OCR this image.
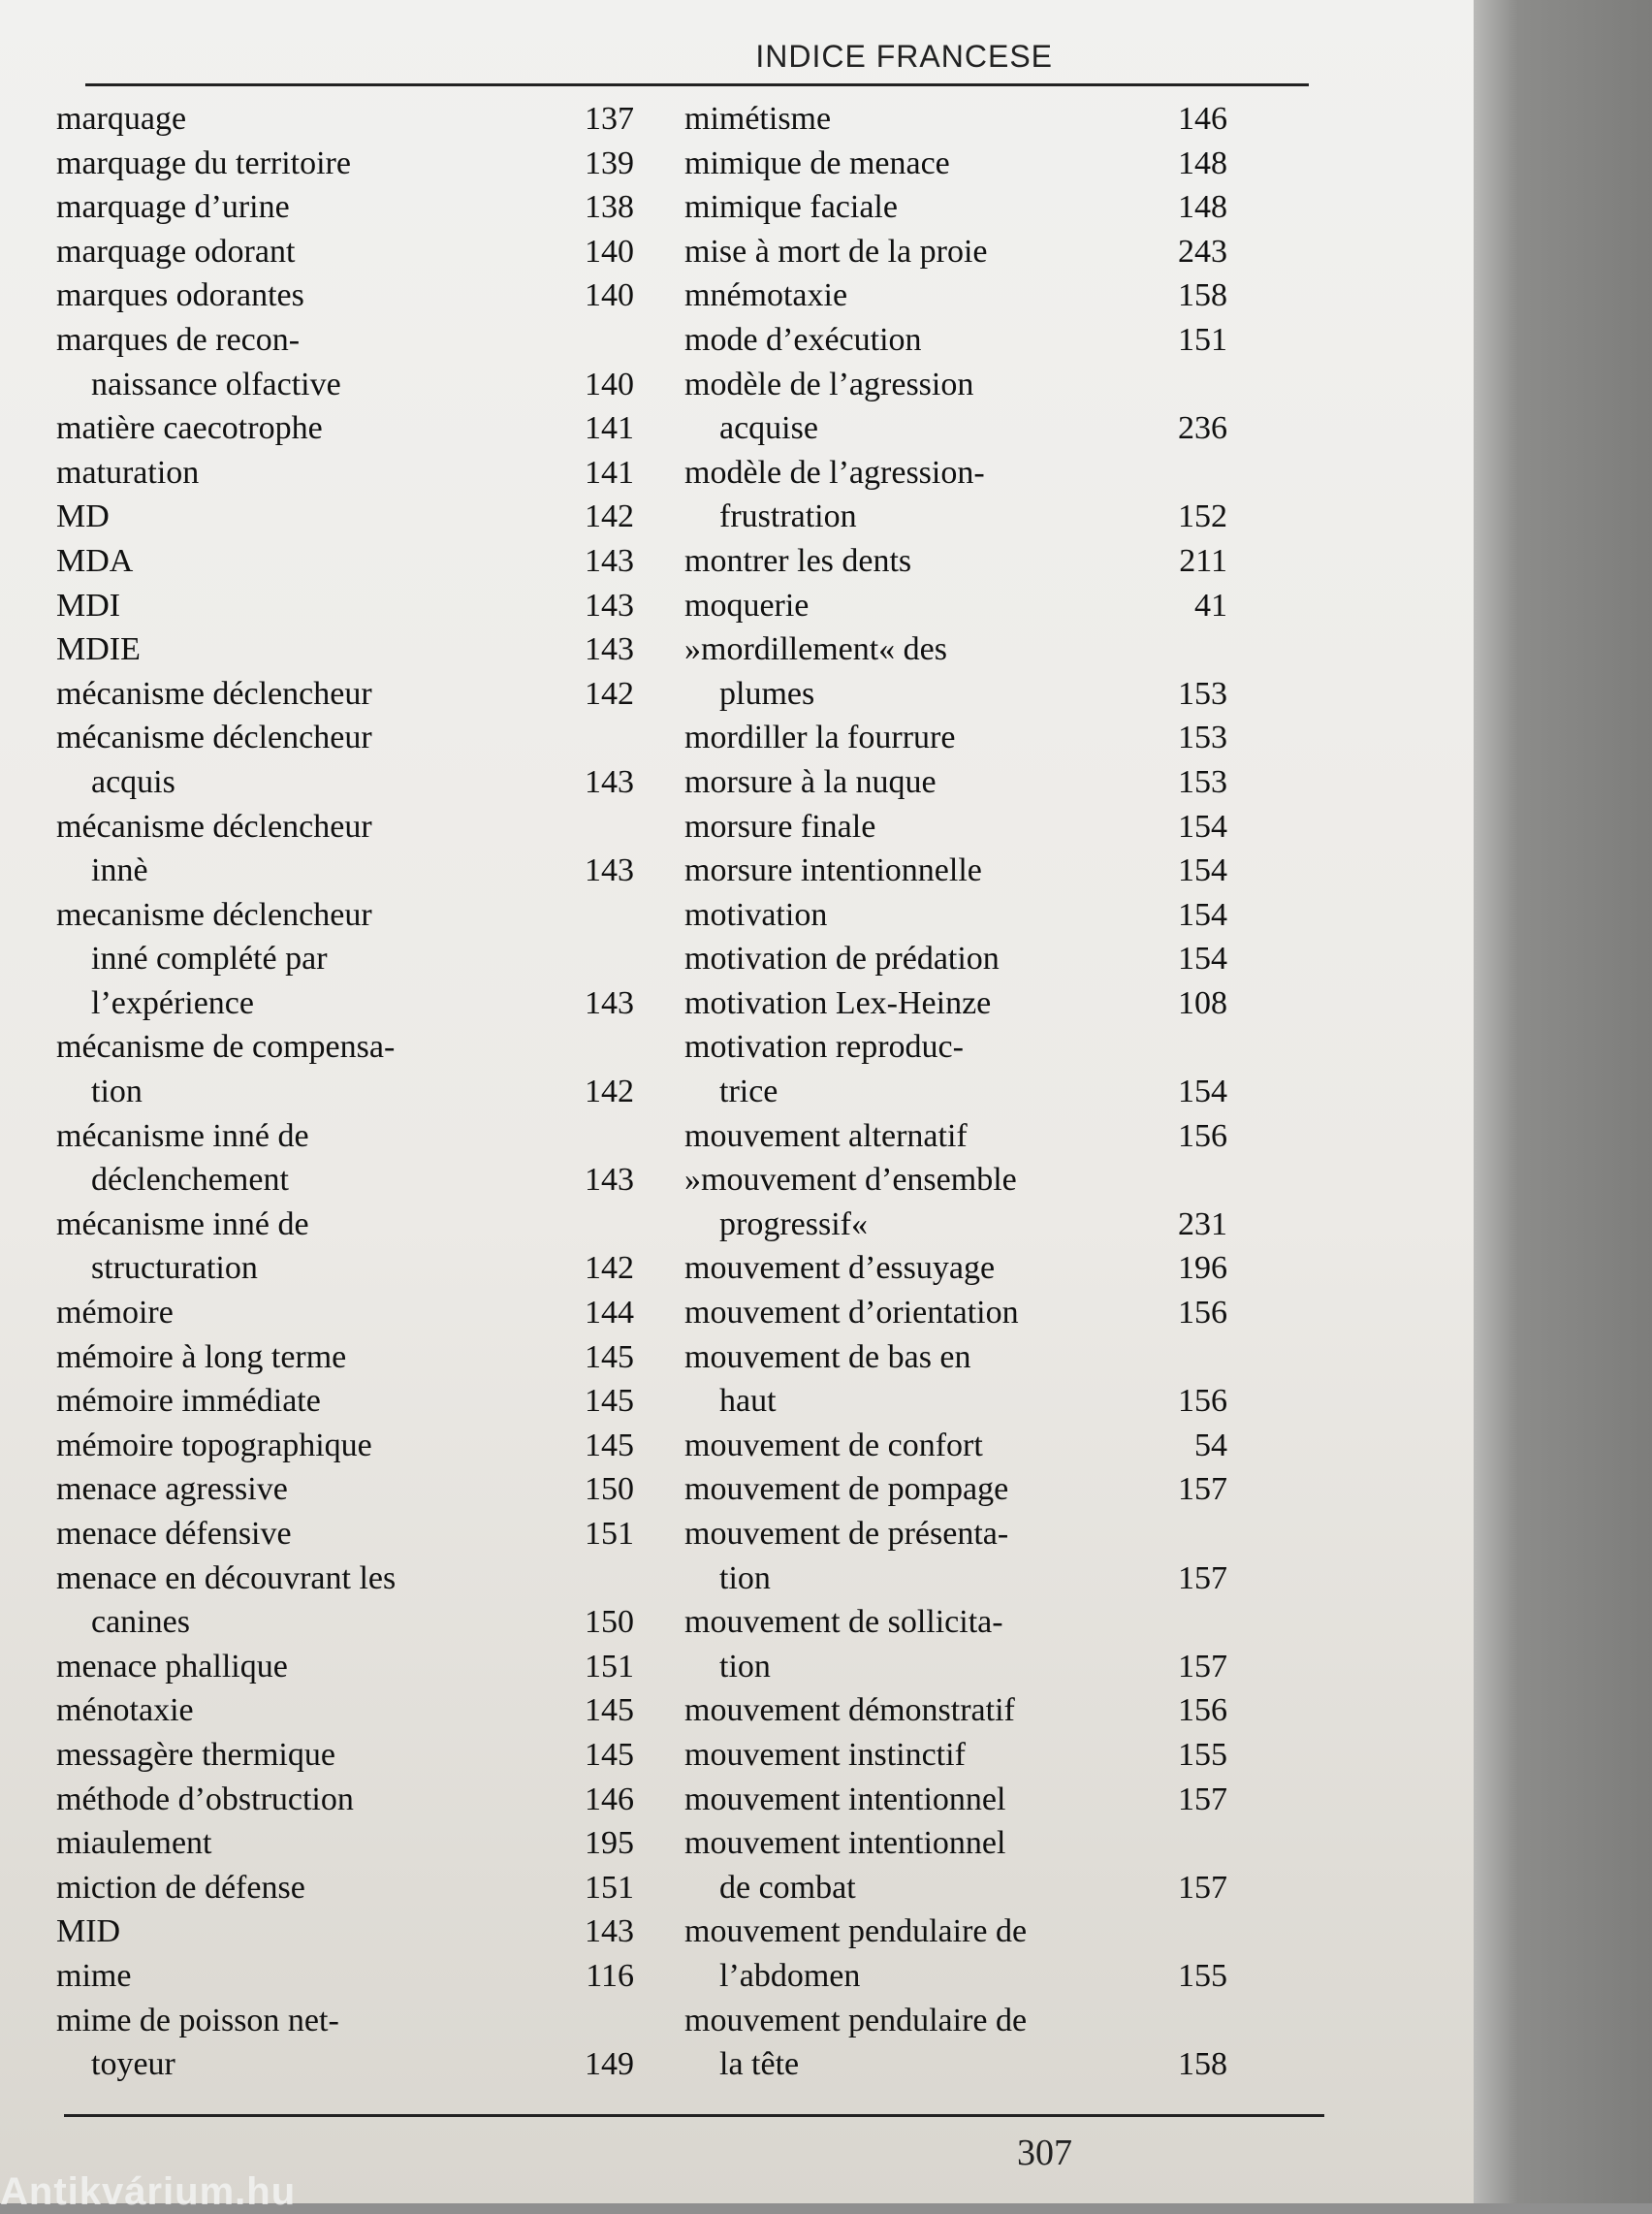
INDICE FRANCESE
marquage	137
marquage du territoire	139
marquage d’urine	138
marquage odorant	140
marques odorantes	140
marques de recon-
naissance olfactive	140
matière caecotrophe	141
maturation	141
MD	142
MDA	143
MDI	143
MDIE	143
mécanisme déclencheur	142
mécanisme déclencheur
acquis	143
mécanisme déclencheur
innè	143
mecanisme déclencheur
inné complété par
l’expérience	143
mécanisme de compensa-
tion	142
mécanisme inné de
déclenchement	143
mécanisme inné de
structuration	142
mémoire	144
mémoire à long terme	145
mémoire immédiate	145
mémoire topographique	145
menace agressive	150
menace défensive	151
menace en découvrant les
canines	150
menace phallique	151
ménotaxie	145
messagère thermique	145
méthode d’obstruction	146
miaulement	195
miction de défense	151
MID	143
mime	116
mime de poisson net-
toyeur	149
mimétisme	146
mimique de menace	148
mimique faciale	148
mise à mort de la proie	243
mnémotaxie	158
mode d’exécution	151
modèle de l’agression
acquise	236
modèle de l’agression-
frustration	152
montrer les dents	211
moquerie	41
»mordillement« des
plumes	153
mordiller la fourrure	153
morsure à la nuque	153
morsure finale	154
morsure intentionnelle	154
motivation	154
motivation de prédation	154
motivation Lex-Heinze	108
motivation reproduc-
trice	154
mouvement alternatif	156
»mouvement d’ensemble
progressif«	231
mouvement d’essuyage	196
mouvement d’orientation	156
mouvement de bas en
haut	156
mouvement de confort	54
mouvement de pompage	157
mouvement de présenta-
tion	157
mouvement de sollicita-
tion	157
mouvement démonstratif	156
mouvement instinctif	155
mouvement intentionnel	157
mouvement intentionnel
de combat	157
mouvement pendulaire de
l’abdomen	155
mouvement pendulaire de
la tête	158
307
Antikvárium.hu
